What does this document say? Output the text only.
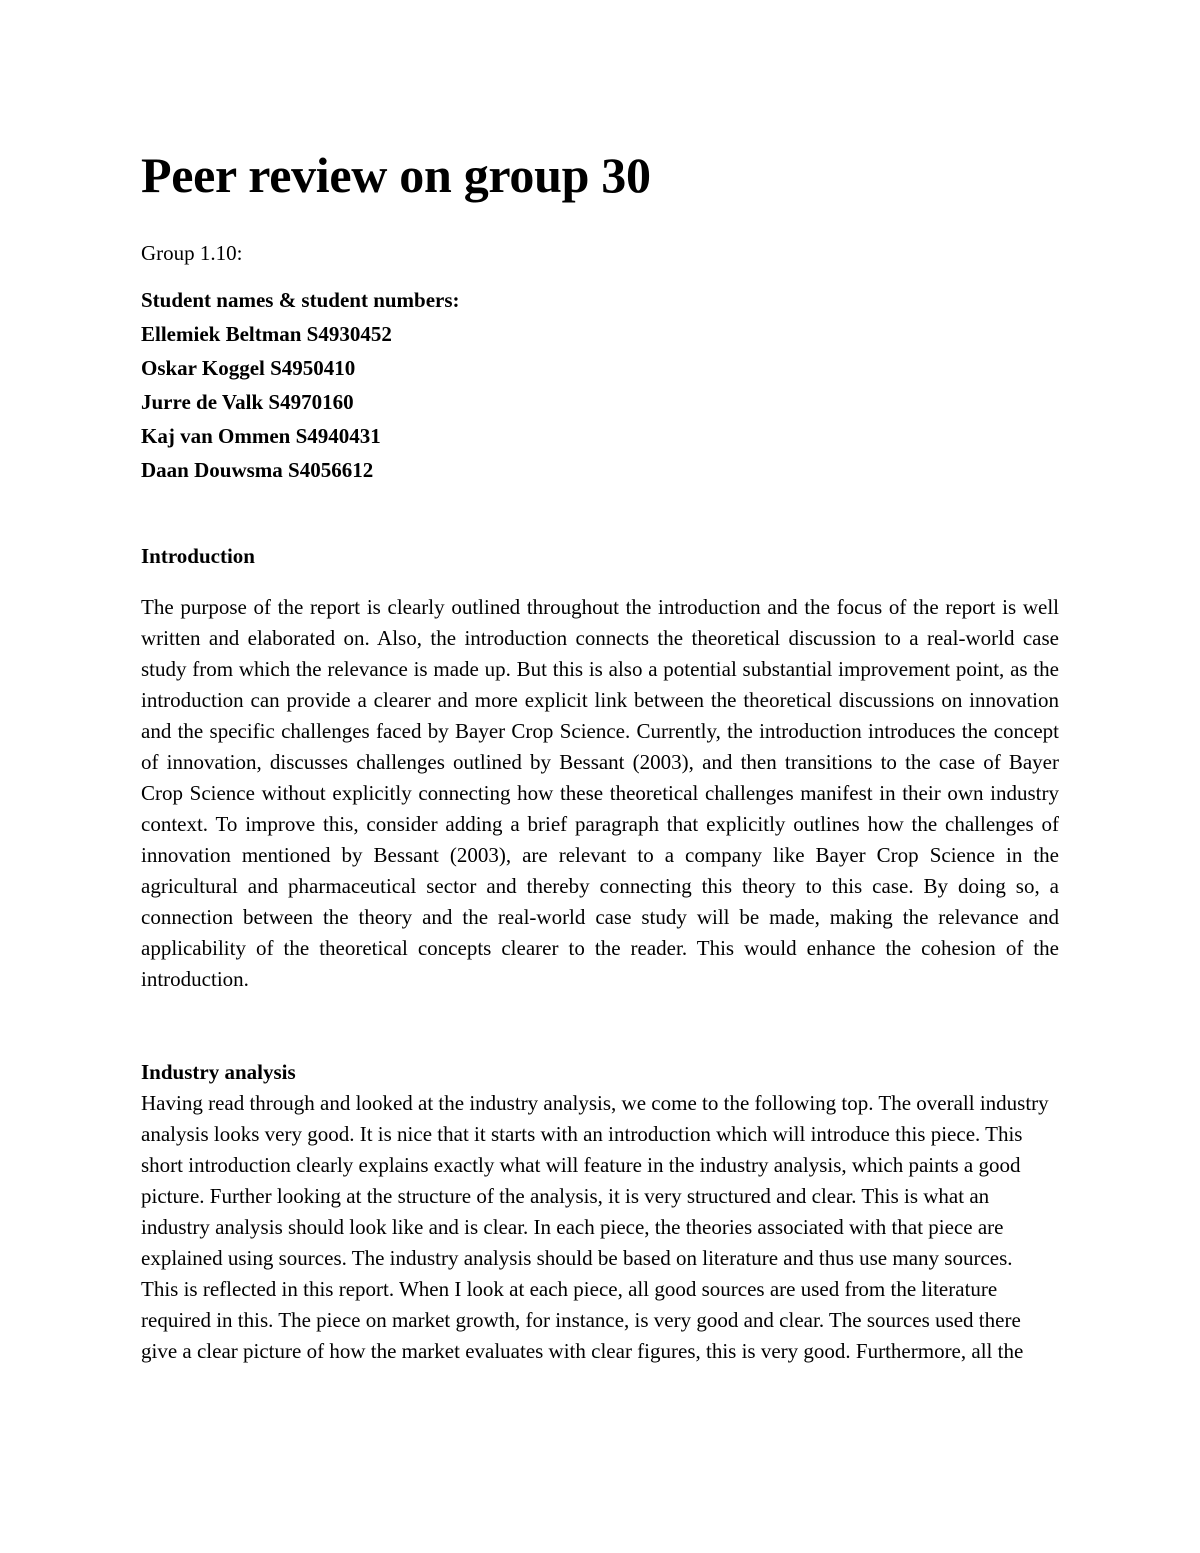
Peer review on group 30
Group 1.10:
Student names & student numbers:
Ellemiek Beltman S4930452
Oskar Koggel S4950410
Jurre de Valk S4970160
Kaj van Ommen S4940431
Daan Douwsma S4056612
Introduction

The purpose of the report is clearly outlined throughout the introduction and the focus of the report is well written and elaborated on. Also, the introduction connects the theoretical discussion to a real-world case study from which the relevance is made up. But this is also a potential substantial improvement point, as the introduction can provide a clearer and more explicit link between the theoretical discussions on innovation and the specific challenges faced by Bayer Crop Science. Currently, the introduction introduces the concept of innovation, discusses challenges outlined by Bessant (2003), and then transitions to the case of Bayer Crop Science without explicitly connecting how these theoretical challenges manifest in their own industry context. To improve this, consider adding a brief paragraph that explicitly outlines how the challenges of innovation mentioned by Bessant (2003), are relevant to a company like Bayer Crop Science in the agricultural and pharmaceutical sector and thereby connecting this theory to this case. By doing so, a connection between the theory and the real-world case study will be made, making the relevance and applicability of the theoretical concepts clearer to the reader. This would enhance the cohesion of the introduction.

Industry analysis

Having read through and looked at the industry analysis, we come to the following top. The overall industry analysis looks very good. It is nice that it starts with an introduction which will introduce this piece. This short introduction clearly explains exactly what will feature in the industry analysis, which paints a good picture. Further looking at the structure of the analysis, it is very structured and clear. This is what an industry analysis should look like and is clear. In each piece, the theories associated with that piece are explained using sources. The industry analysis should be based on literature and thus use many sources. This is reflected in this report. When I look at each piece, all good sources are used from the literature required in this. The piece on market growth, for instance, is very good and clear. The sources used there give a clear picture of how the market evaluates with clear figures, this is very good. Furthermore, all the
